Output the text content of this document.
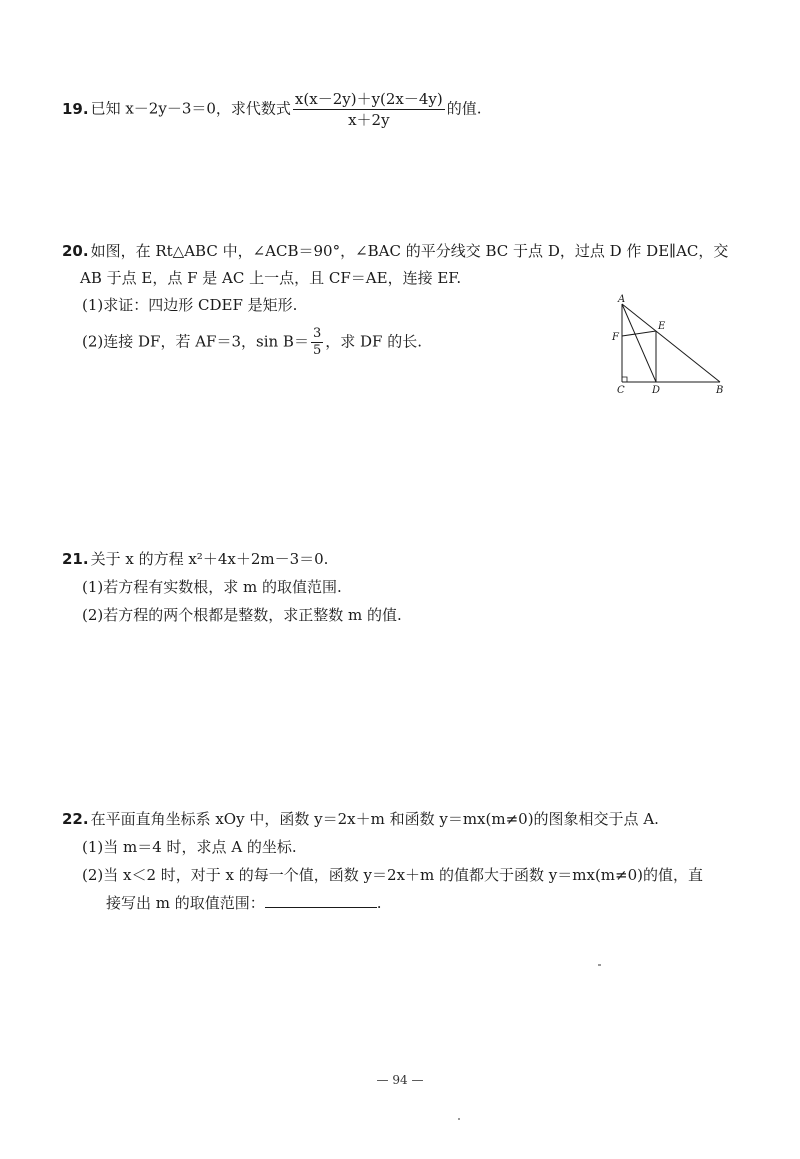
19. 已知 x－2y－3＝0，求代数式 $\frac{x(x-2y)+y(2x-4y)}{x+2y}$ 的值.
20. 如图，在 Rt△ABC 中，∠ACB＝90°，∠BAC 的平分线交 BC 于点 D，过点 D 作 DE∥AC，交
AB 于点 E，点 F 是 AC 上一点，且 CF＝AE，连接 EF.
(1)求证：四边形 CDEF 是矩形.
(2)连接 DF，若 AF＝3，$\sin B= \frac{3}{5}$ ，求 DF 的长.
A
F
E
C	D	B
21. 关于 x 的方程 x²＋4x＋2m－3＝0.
(1)若方程有实数根，求 m 的取值范围.
(2)若方程的两个根都是整数，求正整数 m 的值.
22. 在平面直角坐标系 xOy 中，函数 y＝2x＋m 和函数 y＝mx(m≠0)的图象相交于点 A.
(1)当 m＝4 时，求点 A 的坐标.
(2)当 x＜2 时，对于 x 的每一个值，函数 y＝2x＋m 的值都大于函数 y＝mx(m≠0)的值，直
接写出 m 的取值范围：	.
— 94 —
